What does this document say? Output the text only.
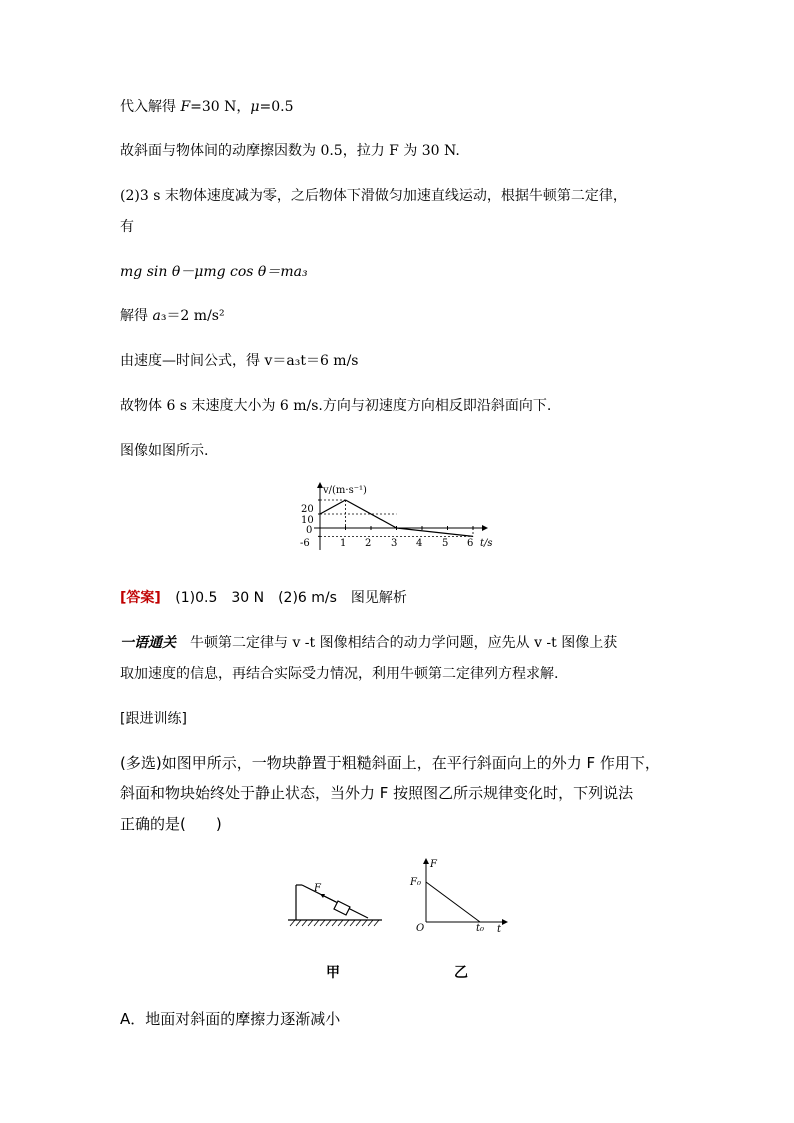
代入解得 F=30 N，μ=0.5
故斜面与物体间的动摩擦因数为 0.5，拉力 F 为 30 N.
(2)3 s 末物体速度减为零，之后物体下滑做匀加速直线运动，根据牛顿第二定律，
有
mg sin θ－μmg cos θ＝ma₃
解得 a₃＝2 m/s²
由速度—时间公式，得 v＝a₃t＝6 m/s
故物体 6 s 末速度大小为 6 m/s.方向与初速度方向相反即沿斜面向下.
图像如图所示.
v/(m·s⁻¹)
t/s
20
10
0
-6	1 2 3 4 5 6
[答案] (1)0.5　30 N　(2)6 m/s　图见解析
一语通关 牛顿第二定律与 v -t 图像相结合的动力学问题，应先从 v -t 图像上获
取加速度的信息，再结合实际受力情况，利用牛顿第二定律列方程求解.
[跟进训练]
(多选)如图甲所示，一物块静置于粗糙斜面上，在平行斜面向上的外力 F 作用下，
斜面和物块始终处于静止状态，当外力 F 按照图乙所示规律变化时，下列说法
正确的是(　　)
F
F
F₀
O	t₀ t
甲	乙
A．地面对斜面的摩擦力逐渐减小
